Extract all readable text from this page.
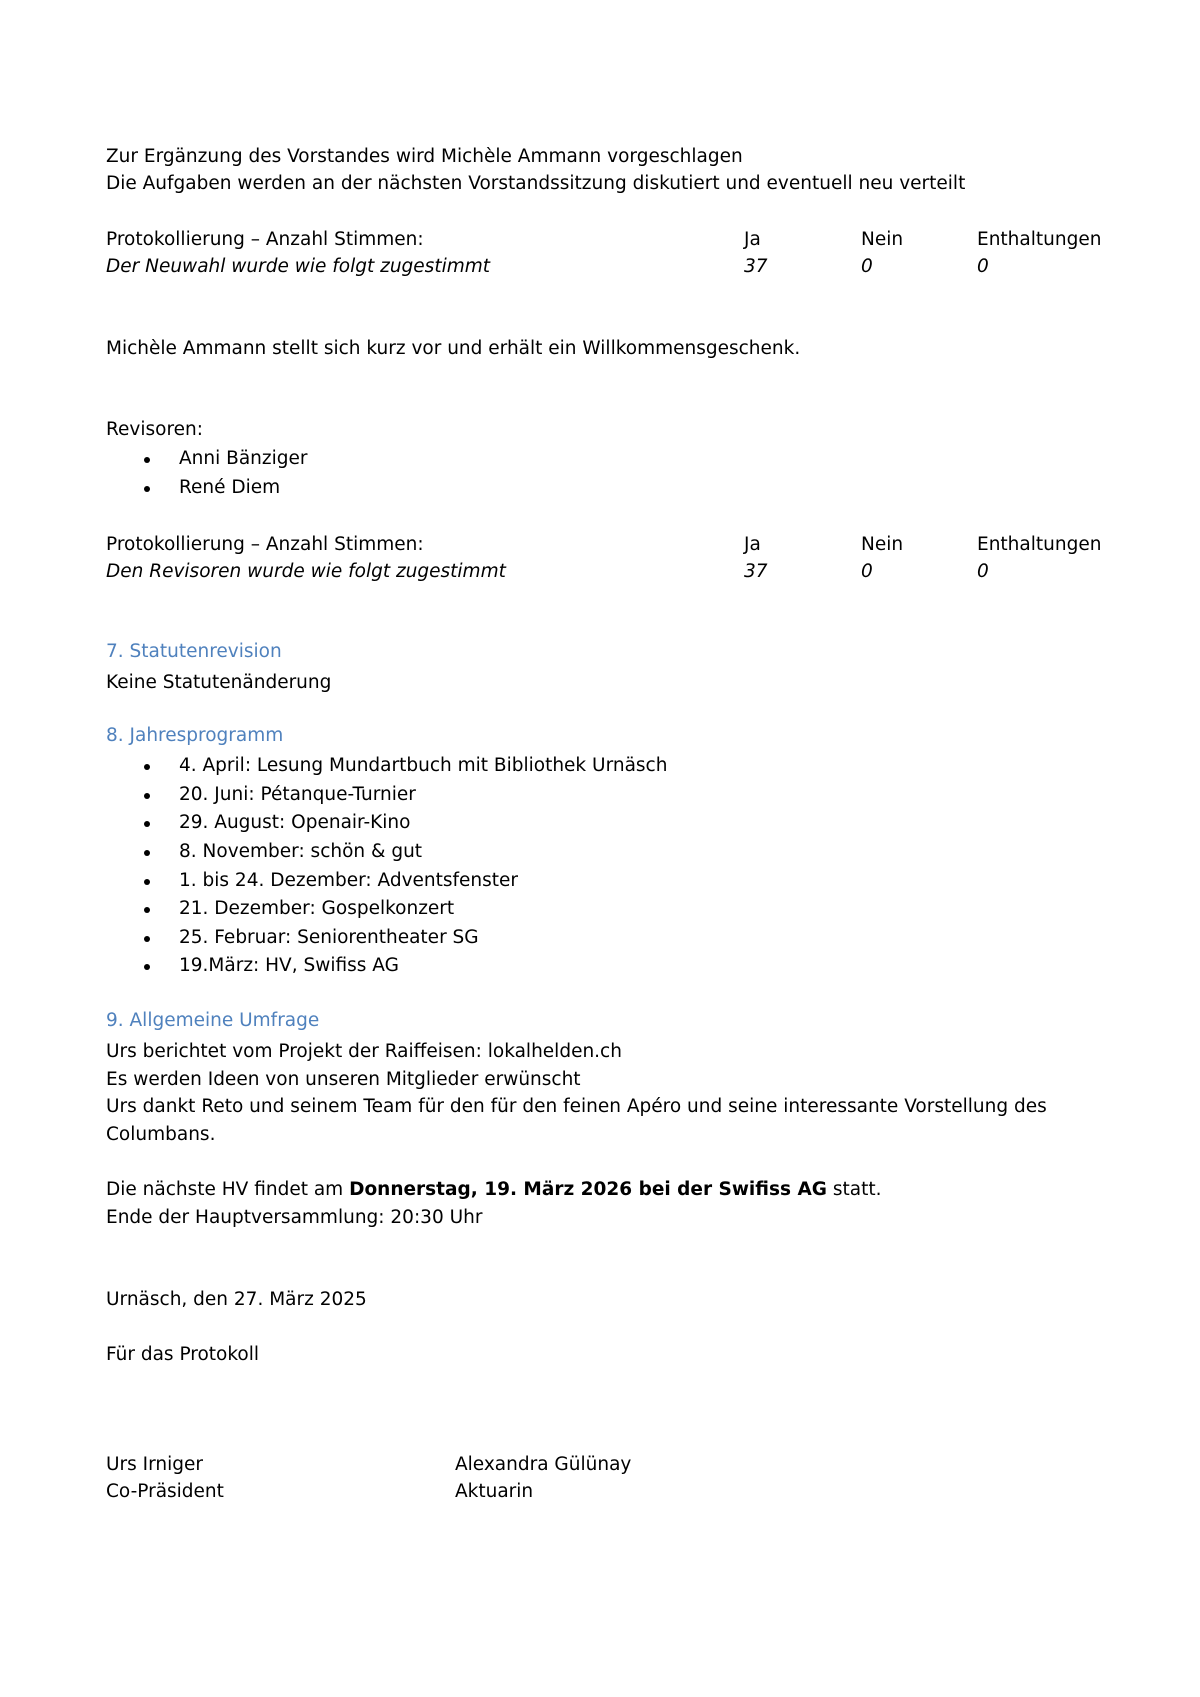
Zur Ergänzung des Vorstandes wird Michèle Ammann vorgeschlagen
Die Aufgaben werden an der nächsten Vorstandssitzung diskutiert und eventuell neu verteilt
Protokollierung – Anzahl Stimmen:	Ja	Nein	Enthaltungen
Der Neuwahl wurde wie folgt zugestimmt	37	0	0
Michèle Ammann stellt sich kurz vor und erhält ein Willkommensgeschenk.
Revisoren:
Anni Bänziger
René Diem
Protokollierung – Anzahl Stimmen:	Ja	Nein	Enthaltungen
Den Revisoren wurde wie folgt zugestimmt	37	0	0
7. Statutenrevision
Keine Statutenänderung
8. Jahresprogramm
4. April: Lesung Mundartbuch mit Bibliothek Urnäsch
20. Juni: Pétanque-Turnier
29. August: Openair-Kino
8. November: schön & gut
1. bis 24. Dezember: Adventsfenster
21. Dezember: Gospelkonzert
25. Februar: Seniorentheater SG
19.März: HV, Swifiss AG
9. Allgemeine Umfrage
Urs berichtet vom Projekt der Raiffeisen: lokalhelden.ch
Es werden Ideen von unseren Mitglieder erwünscht
Urs dankt Reto und seinem Team für den für den feinen Apéro und seine interessante Vorstellung des
Columbans.
Die nächste HV findet am Donnerstag, 19. März 2026 bei der Swifiss AG statt.
Ende der Hauptversammlung: 20:30 Uhr
Urnäsch, den 27. März 2025
Für das Protokoll
Urs Irniger
Co-Präsident
Alexandra Gülünay
Aktuarin
